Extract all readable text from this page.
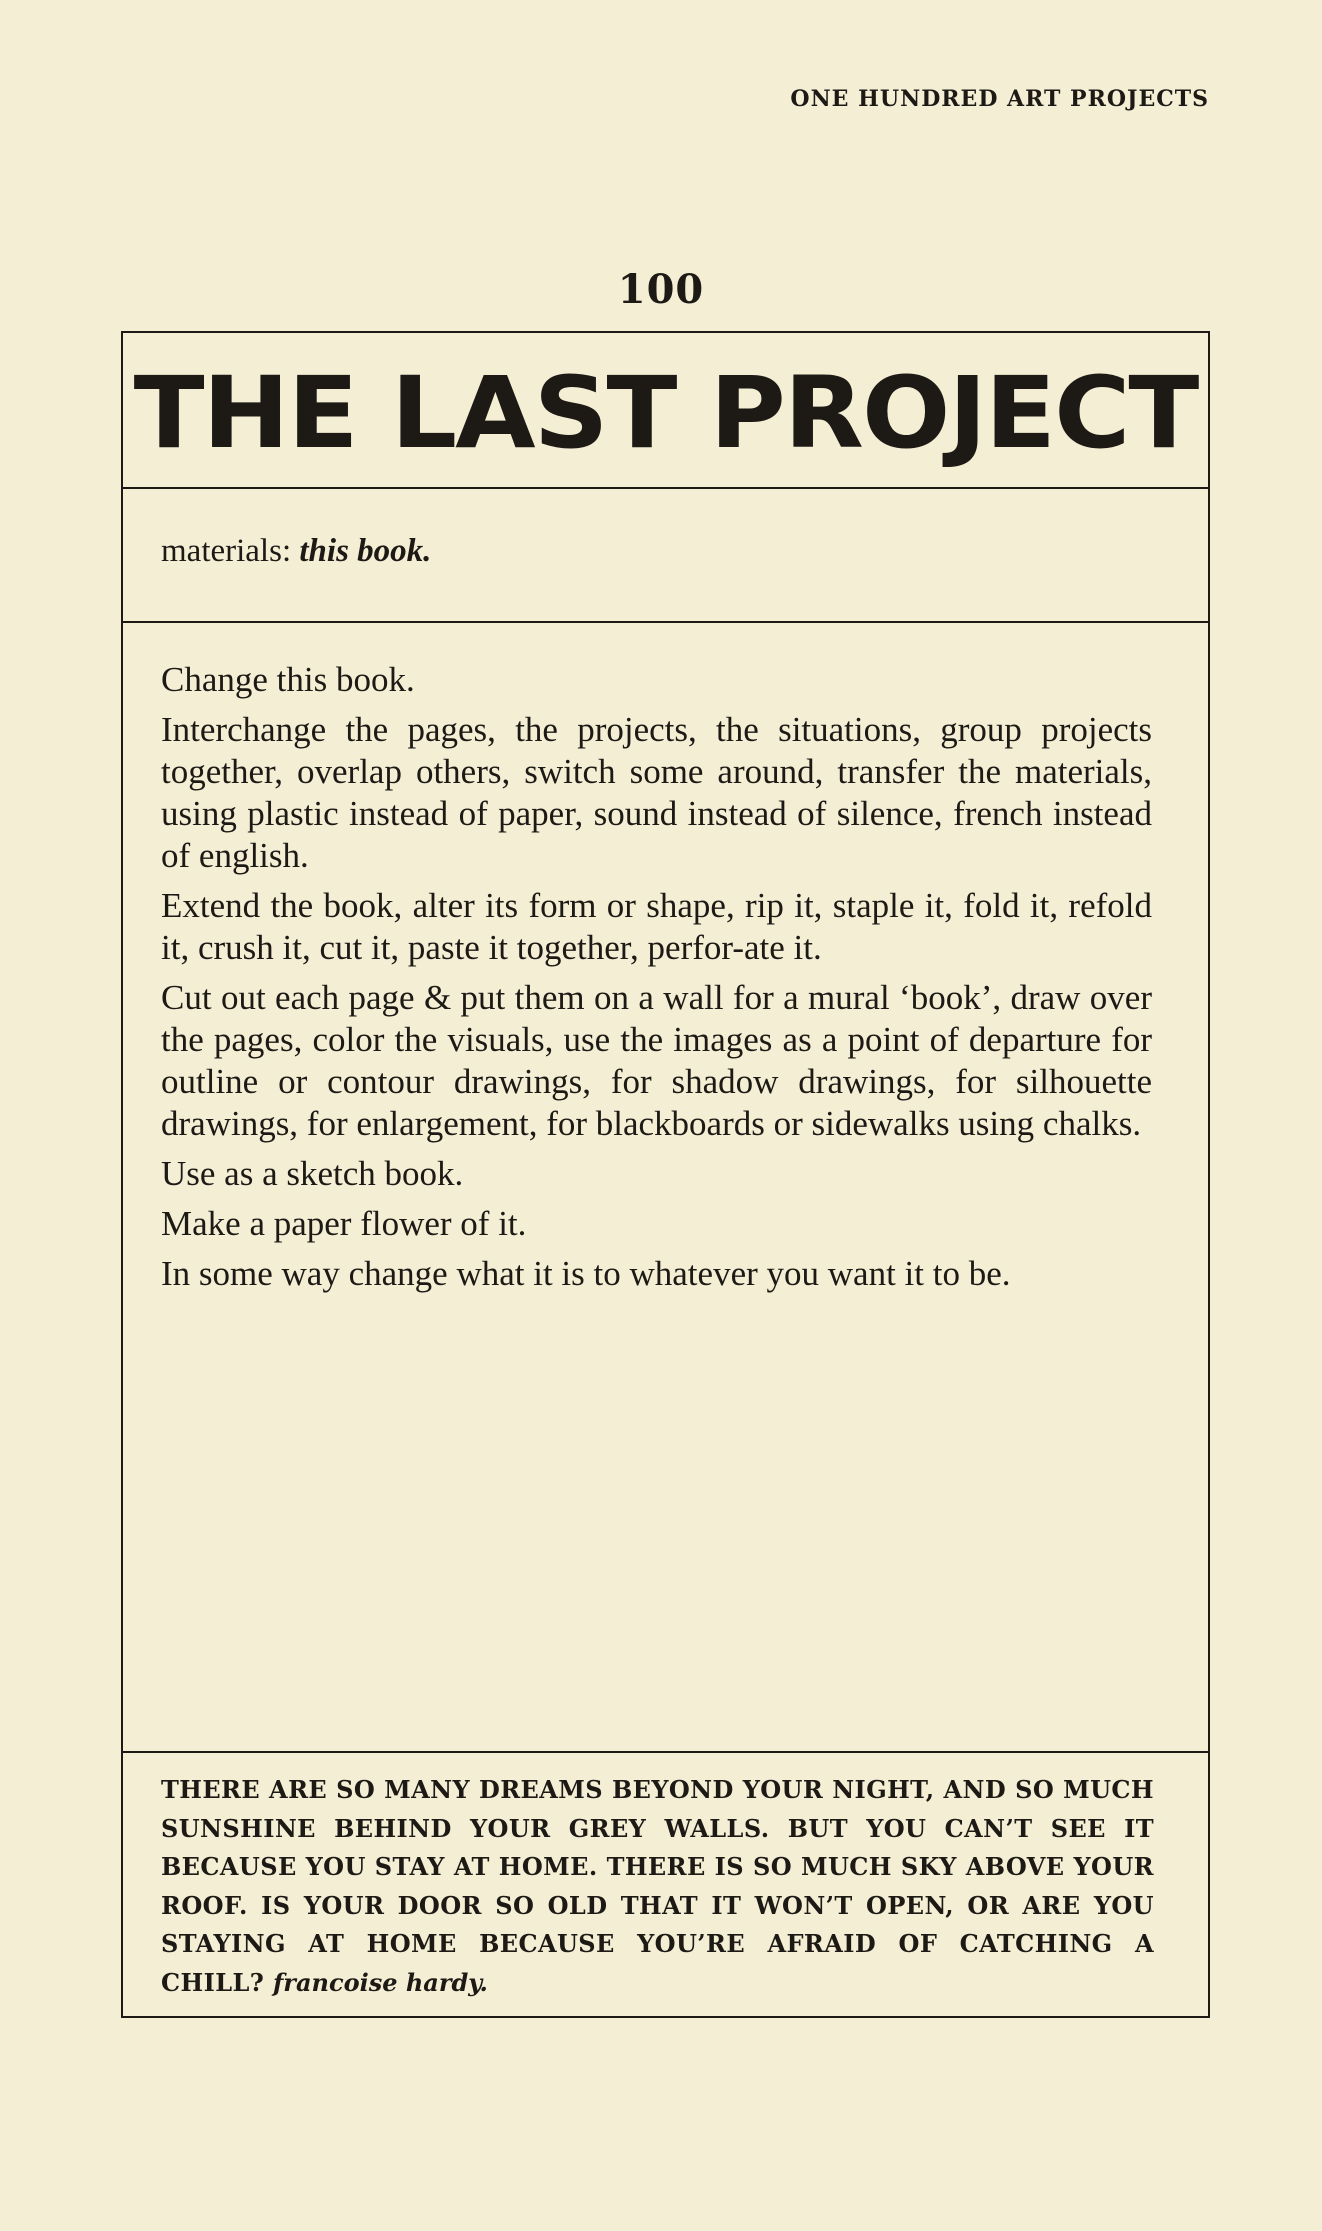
ONE HUNDRED ART PROJECTS
100
THE LAST PROJECT
materials: this book.

Change this book.

Interchange the pages, the projects, the situations, group projects together, overlap others, switch some around, transfer the materials, using plastic instead of paper, sound instead of silence, french instead of english.

Extend the book, alter its form or shape, rip it, staple it, fold it, refold it, crush it, cut it, paste it together, perfor-ate it.

Cut out each page & put them on a wall for a mural ‘book’, draw over the pages, color the visuals, use the images as a point of departure for outline or contour drawings, for shadow drawings, for silhouette drawings, for enlargement, for blackboards or sidewalks using chalks.

Use as a sketch book.

Make a paper flower of it.

In some way change what it is to whatever you want it to be.

THERE ARE SO MANY DREAMS BEYOND YOUR NIGHT, AND SO MUCH SUNSHINE BEHIND YOUR GREY WALLS. BUT YOU CAN’T SEE IT BECAUSE YOU STAY AT HOME. THERE IS SO MUCH SKY ABOVE YOUR ROOF. IS YOUR DOOR SO OLD THAT IT WON’T OPEN, OR ARE YOU STAYING AT HOME BECAUSE YOU’RE AFRAID OF CATCHING A CHILL? francoise hardy.
